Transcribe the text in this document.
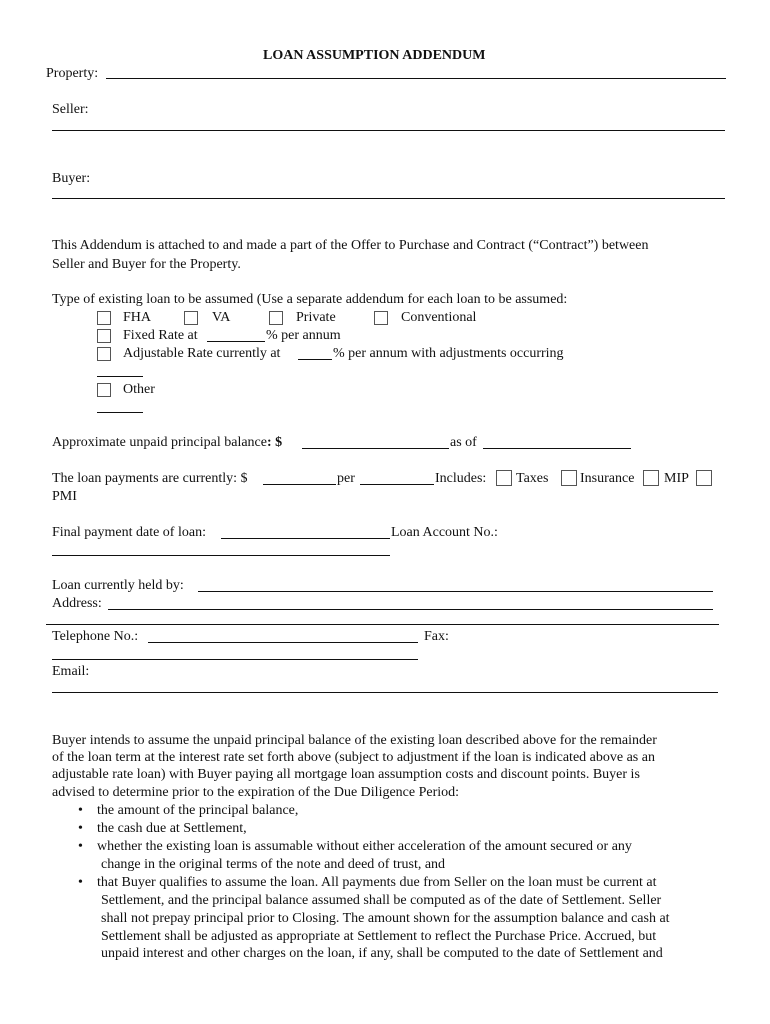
LOAN ASSUMPTION ADDENDUM
Property:
Seller:
Buyer:
This Addendum is attached to and made a part of the Offer to Purchase and Contract (“Contract”) between
Seller and Buyer for the Property.
Type of existing loan to be assumed (Use a separate addendum for each loan to be assumed:
FHA	VA	Private	Conventional
Fixed Rate at	% per annum
Adjustable Rate currently at	% per annum with adjustments occurring
Other
Approximate unpaid principal balance: $	as of
The loan payments are currently: $	per	Includes: Taxes Insurance MIP
PMI
Final payment date of loan:	Loan Account No.:
Loan currently held by:
Address:
Telephone No.:	Fax:
Email:
Buyer intends to assume the unpaid principal balance of the existing loan described above for the remainder
of the loan term at the interest rate set forth above (subject to adjustment if the loan is indicated above as an
adjustable rate loan) with Buyer paying all mortgage loan assumption costs and discount points. Buyer is
advised to determine prior to the expiration of the Due Diligence Period:
• the amount of the principal balance,
• the cash due at Settlement,
• whether the existing loan is assumable without either acceleration of the amount secured or any
change in the original terms of the note and deed of trust, and
• that Buyer qualifies to assume the loan. All payments due from Seller on the loan must be current at
Settlement, and the principal balance assumed shall be computed as of the date of Settlement. Seller
shall not prepay principal prior to Closing. The amount shown for the assumption balance and cash at
Settlement shall be adjusted as appropriate at Settlement to reflect the Purchase Price. Accrued, but
unpaid interest and other charges on the loan, if any, shall be computed to the date of Settlement and
